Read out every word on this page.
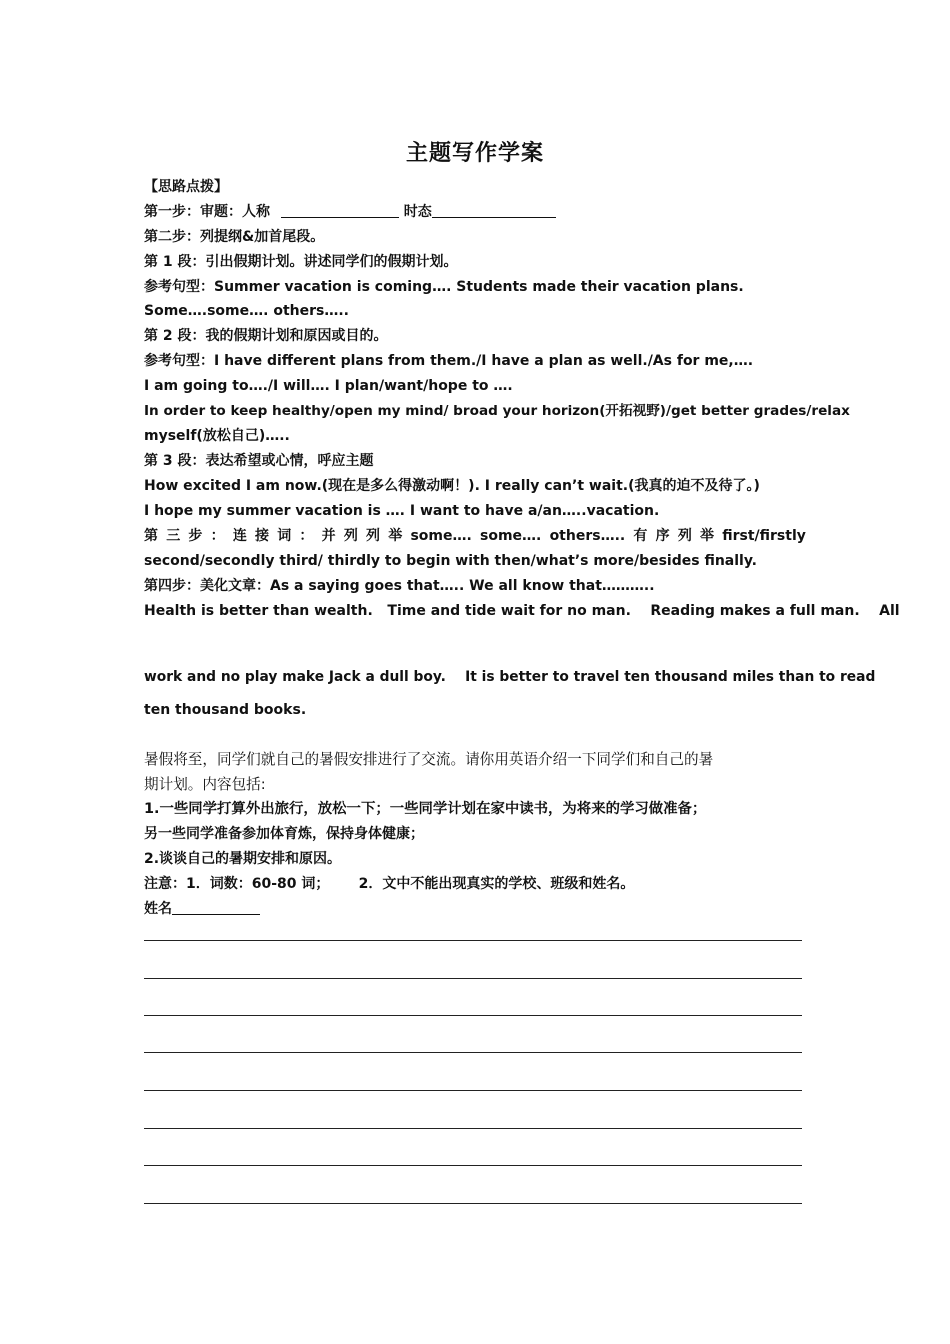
主题写作学案
【思路点拨】
第一步：审题：人称	时态
第二步：列提纲&加首尾段。
第 1 段：引出假期计划。讲述同学们的假期计划。
参考句型：Summer vacation is coming…. Students made their vacation plans.
Some….some…. others…..
第 2 段：我的假期计划和原因或目的。
参考句型：I have different plans from them./I have a plan as well./As for me,….
I am going to…./I will…. I plan/want/hope to ….
In order to keep healthy/open my mind/ broad your horizon(开拓视野)/get better grades/relax
myself(放松自己)…..
第 3 段：表达希望或心情，呼应主题
How excited I am now.(现在是多么得激动啊！). I really can’t wait.(我真的迫不及待了。)
I hope my summer vacation is …. I want to have a/an…..vacation.
第 三 步 ： 连 接 词 ： 并 列 列 举 some…. some…. others….. 有 序 列 举 first/firstly
second/secondly third/ thirdly to begin with then/what’s more/besides finally.
第四步：美化文章：As a saying goes that….. We all know that………..
Health is better than wealth.   Time and tide wait for no man.    Reading makes a full man.    All
work and no play make Jack a dull boy.    It is better to travel ten thousand miles than to read
ten thousand books.
暑假将至，同学们就自己的暑假安排进行了交流。请你用英语介绍一下同学们和自己的暑
期计划。内容包括:
1.一些同学打算外出旅行，放松一下；一些同学计划在家中读书，为将来的学习做准备；
另一些同学准备参加体育炼，保持身体健康；
2.谈谈自己的暑期安排和原因。
注意：1．词数：60-80 词；      2．文中不能出现真实的学校、班级和姓名。
姓名
